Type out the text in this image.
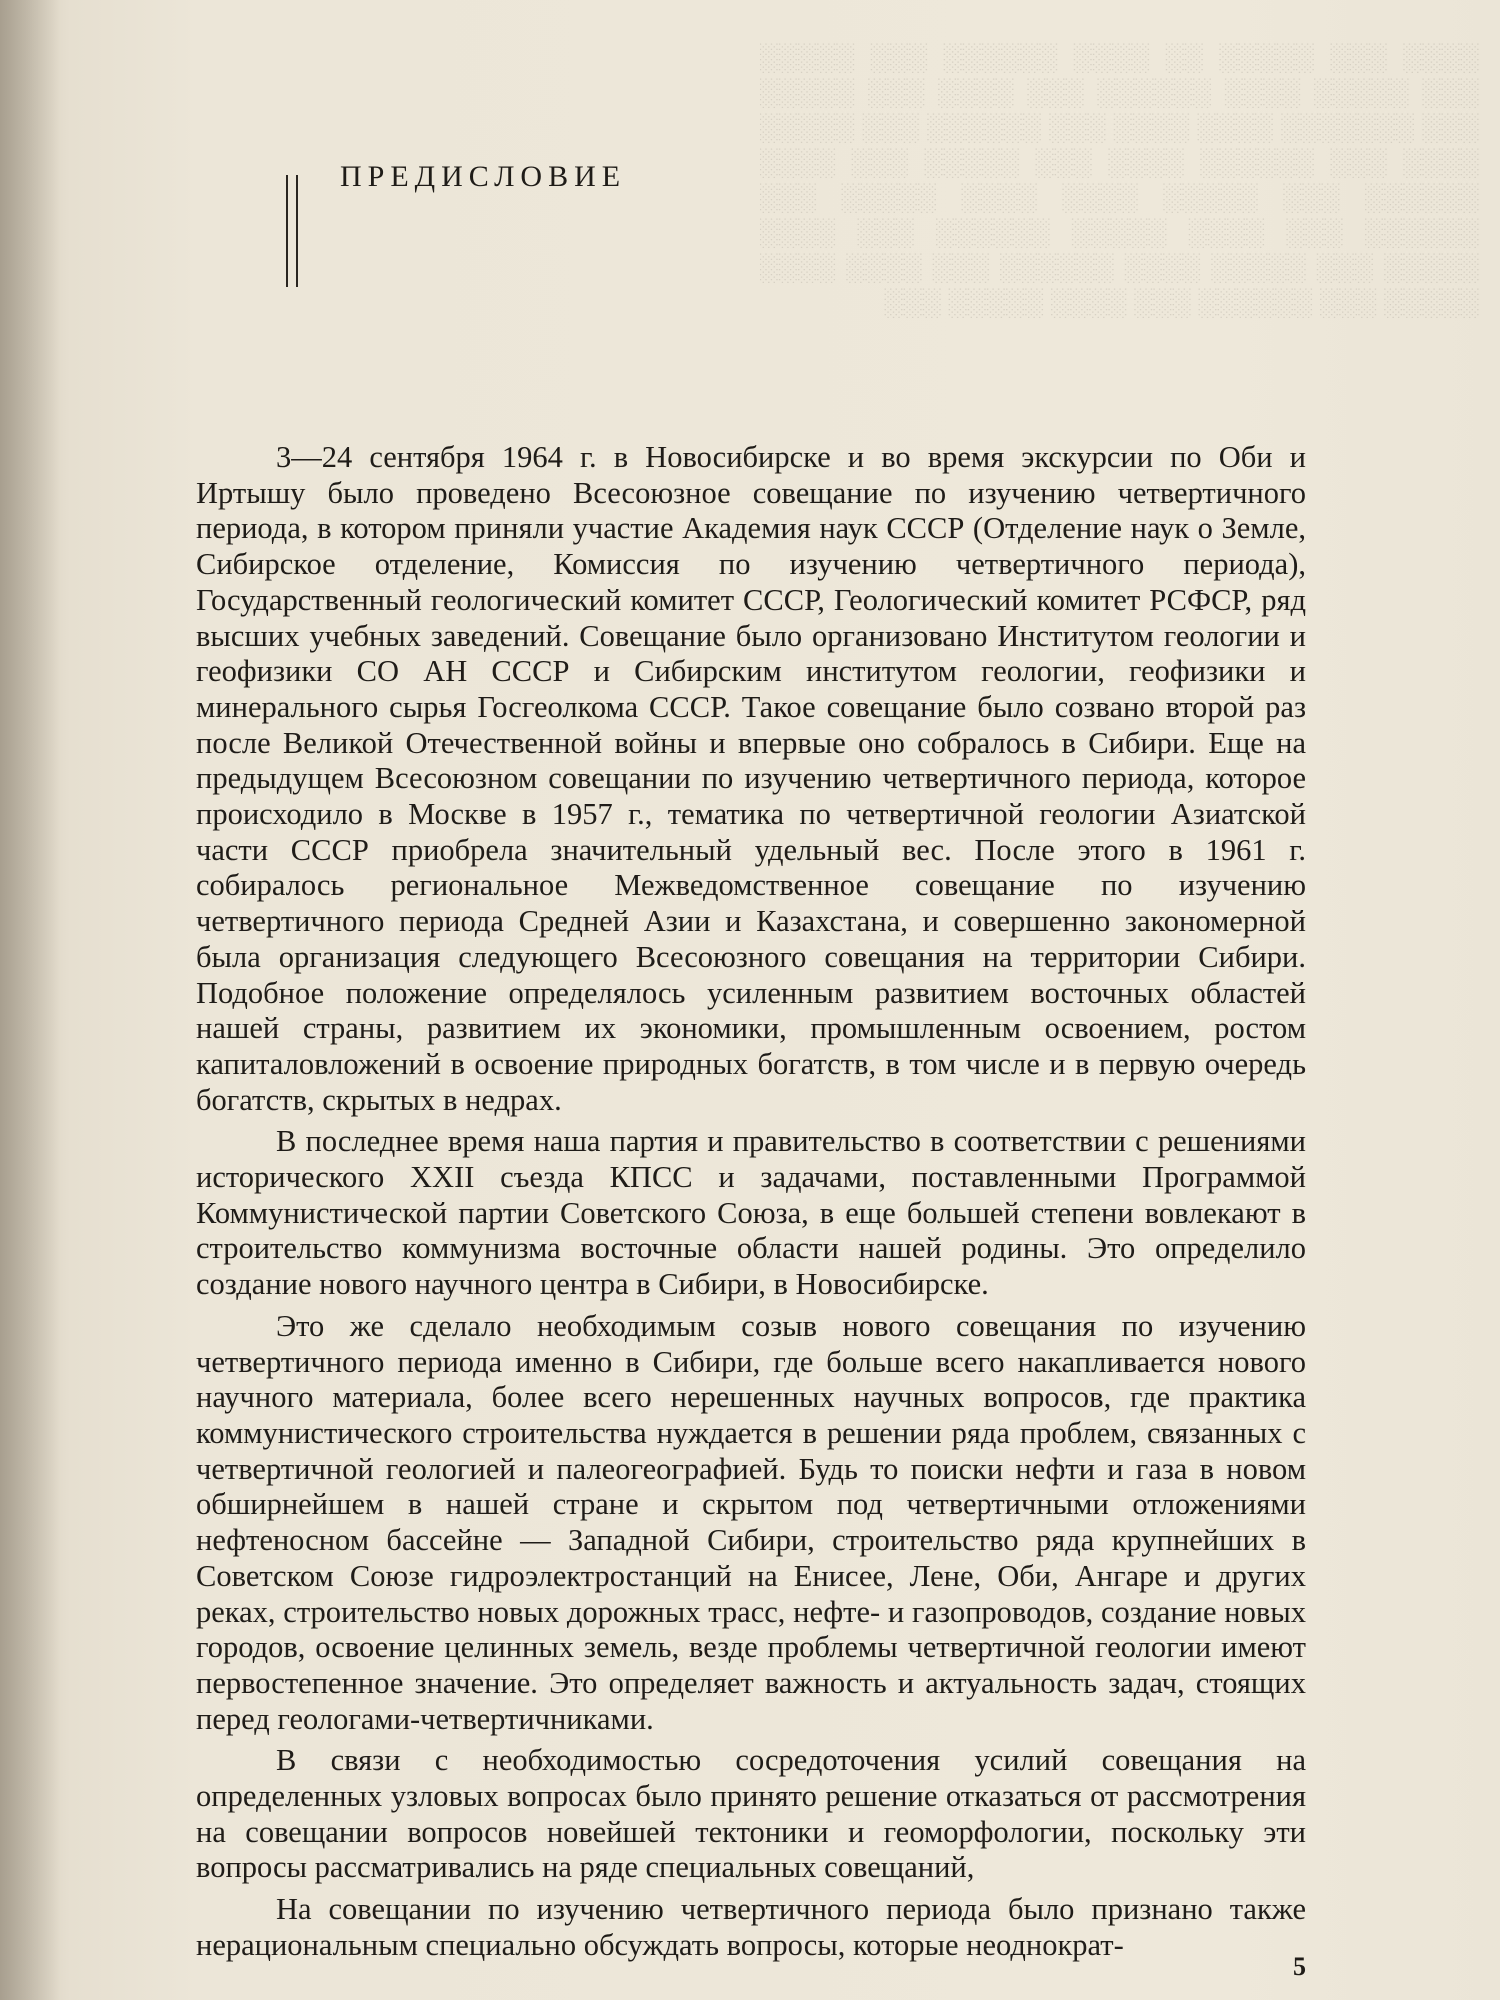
░░░░ ░░░ ░░░░░ ░░ ░░░░ ░░░░░░ ░░░ ░░░░░ ░░░ ░░░░░ ░░░░ ░░░░░░ ░░░ ░░░░ ░░░ ░░░░░ ░░░ ░░░░░░░ ░░░░ ░░░░ ░░░ ░░░░░░ ░░░ ░░░░░ ░░░░ ░░░ ░░░░░░ ░░░░ ░░░ ░░░░░ ░░░ ░░░░ ░░░░░░ ░░░ ░░░░░ ░░░░ ░░░░ ░░░░░ ░░░ ░░░░░░ ░░░ ░░░░ ░░░░░ ░░░░░░ ░░░ ░░░░ ░░░░░ ░░░ ░░░░░ ░░░░ ░░░░░░ ░░░ ░░░░ ░░░░ ░░░░░ ░░░ ░░░░░░ ░░░ ░░░░ ░░░░░ ░░░
ПРЕДИСЛОВИЕ

3—24 сентября 1964 г. в Новосибирске и во время экскурсии по Оби и Иртышу было проведено Всесоюзное совещание по изучению четвертичного периода, в котором приняли участие Академия наук СССР (Отделение наук о Земле, Сибирское отделение, Комиссия по изучению четвертичного периода), Государственный геологический комитет СССР, Геологический комитет РСФСР, ряд высших учебных заведений. Совещание было организовано Институтом геологии и геофизики СО АН СССР и Сибирским институтом геологии, геофизики и минерального сырья Госгеолкома СССР. Такое совещание было созвано второй раз после Великой Отечественной войны и впервые оно собралось в Сибири. Еще на предыдущем Всесоюзном совещании по изучению четвертичного периода, которое происходило в Москве в 1957 г., тематика по четвертичной геологии Азиатской части СССР приобрела значительный удельный вес. После этого в 1961 г. собиралось региональное Межведомственное совещание по изучению четвертичного периода Средней Азии и Казахстана, и совершенно закономерной была организация следующего Всесоюзного совещания на территории Сибири. Подобное положение определялось усиленным развитием восточных областей нашей страны, развитием их экономики, промышленным освоением, ростом капиталовложений в освоение природных богатств, в том числе и в первую очередь богатств, скрытых в недрах.

В последнее время наша партия и правительство в соответствии с решениями исторического XXII съезда КПСС и задачами, поставленными Программой Коммунистической партии Советского Союза, в еще большей степени вовлекают в строительство коммунизма восточные области нашей родины. Это определило создание нового научного центра в Сибири, в Новосибирске.

Это же сделало необходимым созыв нового совещания по изучению четвертичного периода именно в Сибири, где больше всего накапливается нового научного материала, более всего нерешенных научных вопросов, где практика коммунистического строительства нуждается в решении ряда проблем, связанных с четвертичной геологией и палеогеографией. Будь то поиски нефти и газа в новом обширнейшем в нашей стране и скрытом под четвертичными отложениями нефтеносном бассейне — Западной Сибири, строительство ряда крупнейших в Советском Союзе гидроэлектростанций на Енисее, Лене, Оби, Ангаре и других реках, строительство новых дорожных трасс, нефте- и газопроводов, создание новых городов, освоение целинных земель, везде проблемы четвертичной геологии имеют первостепенное значение. Это определяет важность и актуальность задач, стоящих перед геологами-четвертичниками.

В связи с необходимостью сосредоточения усилий совещания на определенных узловых вопросах было принято решение отказаться от рассмотрения на совещании вопросов новейшей тектоники и геоморфологии, поскольку эти вопросы рассматривались на ряде специальных совещаний,

На совещании по изучению четвертичного периода было признано также нерациональным специально обсуждать вопросы, которые неоднократ-

5
